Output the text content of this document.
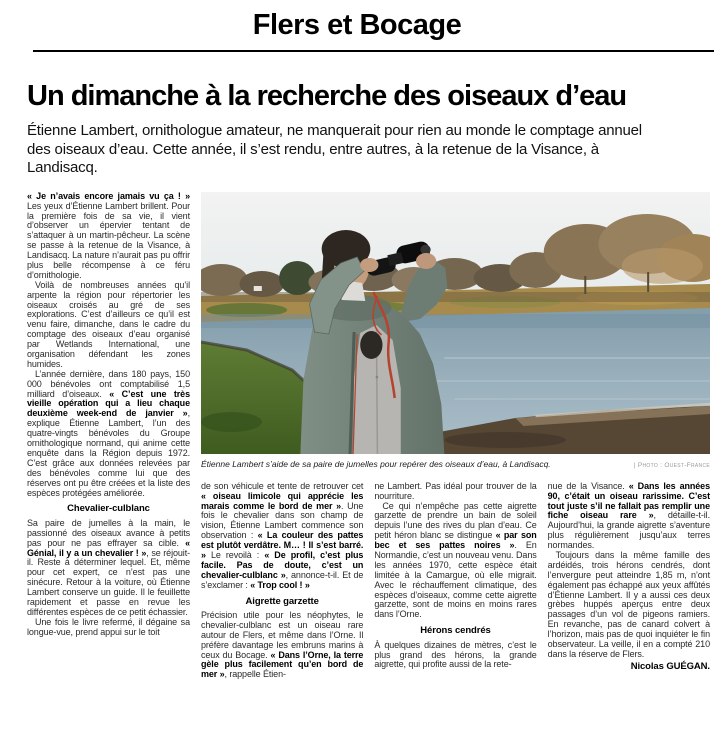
Flers et Bocage
Un dimanche à la recherche des oiseaux d’eau

Étienne Lambert, ornithologue amateur, ne manquerait pour rien au monde le comptage annuel des oiseaux d’eau. Cette année, il s’est rendu, entre autres, à la retenue de la Visance, à Landisacq.

« Je n’avais encore jamais vu ça ! » Les yeux d’Étienne Lambert brillent. Pour la première fois de sa vie, il vient d’observer un épervier tentant de s’attaquer à un martin-pêcheur. La scène se passe à la retenue de la Visance, à Landisacq. La nature n’aurait pas pu offrir plus belle récompense à ce féru d’ornithologie.

Voilà de nombreuses années qu’il arpente la région pour répertorier les oiseaux croisés au gré de ses explorations. C’est d’ailleurs ce qu’il est venu faire, dimanche, dans le cadre du comptage des oiseaux d’eau organisé par Wetlands International, une organisation défendant les zones humides.

L’année dernière, dans 180 pays, 150 000 bénévoles ont comptabilisé 1,5 milliard d’oiseaux. « C’est une très vieille opération qui a lieu chaque deuxième week-end de janvier », explique Étienne Lambert, l’un des quatre-vingts bénévoles du Groupe ornithologique normand, qui anime cette enquête dans la Région depuis 1972. C’est grâce aux données relevées par des bénévoles comme lui que des réserves ont pu être créées et la liste des espèces protégées améliorée.

Chevalier-culblanc

Sa paire de jumelles à la main, le passionné des oiseaux avance à petits pas pour ne pas effrayer sa cible. « Génial, il y a un chevalier ! », se réjouit-il. Reste à déterminer lequel. Et, même pour cet expert, ce n’est pas une sinécure. Retour à la voiture, où Étienne Lambert conserve un guide. Il le feuillette rapidement et passe en revue les différentes espèces de ce petit échassier.

Une fois le livre refermé, il dégaine sa longue-vue, prend appui sur le toit

Étienne Lambert s’aide de sa paire de jumelles pour repérer des oiseaux d’eau, à Landisacq.	| Photo : Ouest-France

de son véhicule et tente de retrouver cet « oiseau limicole qui apprécie les marais comme le bord de mer ». Une fois le chevalier dans son champ de vision, Étienne Lambert commence son observation : « La couleur des pattes est plutôt verdâtre. M… ! Il s’est barré. » Le revoilà : « De profil, c’est plus facile. Pas de doute, c’est un chevalier-culblanc », annonce-t-il. Et de s’exclamer : « Trop cool ! »

Aigrette garzette

Précision utile pour les néophytes, le chevalier-culblanc est un oiseau rare autour de Flers, et même dans l’Orne. Il préfère davantage les embruns marins à ceux du Bocage. « Dans l’Orne, la terre gèle plus facilement qu’en bord de mer », rappelle Étien-

ne Lambert. Pas idéal pour trouver de la nourriture.

Ce qui n’empêche pas cette aigrette garzette de prendre un bain de soleil depuis l’une des rives du plan d’eau. Ce petit héron blanc se distingue « par son bec et ses pattes noires ». En Normandie, c’est un nouveau venu. Dans les années 1970, cette espèce était limitée à la Camargue, où elle migrait. Avec le réchauffement climatique, des espèces d’oiseaux, comme cette aigrette garzette, sont de moins en moins rares dans l’Orne.

Hérons cendrés

À quelques dizaines de mètres, c’est le plus grand des hérons, la grande aigrette, qui profite aussi de la rete-

nue de la Visance. « Dans les années 90, c’était un oiseau rarissime. C’est tout juste s’il ne fallait pas remplir une fiche oiseau rare », détaille-t-il. Aujourd’hui, la grande aigrette s’aventure plus régulièrement jusqu’aux terres normandes.

Toujours dans la même famille des ardéidés, trois hérons cendrés, dont l’envergure peut atteindre 1,85 m, n’ont également pas échappé aux yeux affûtés d’Étienne Lambert. Il y a aussi ces deux grèbes huppés aperçus entre deux passages d’un vol de pigeons ramiers. En revanche, pas de canard colvert à l’horizon, mais pas de quoi inquiéter le fin observateur. La veille, il en a compté 210 dans la réserve de Flers.

Nicolas GUÉGAN.
